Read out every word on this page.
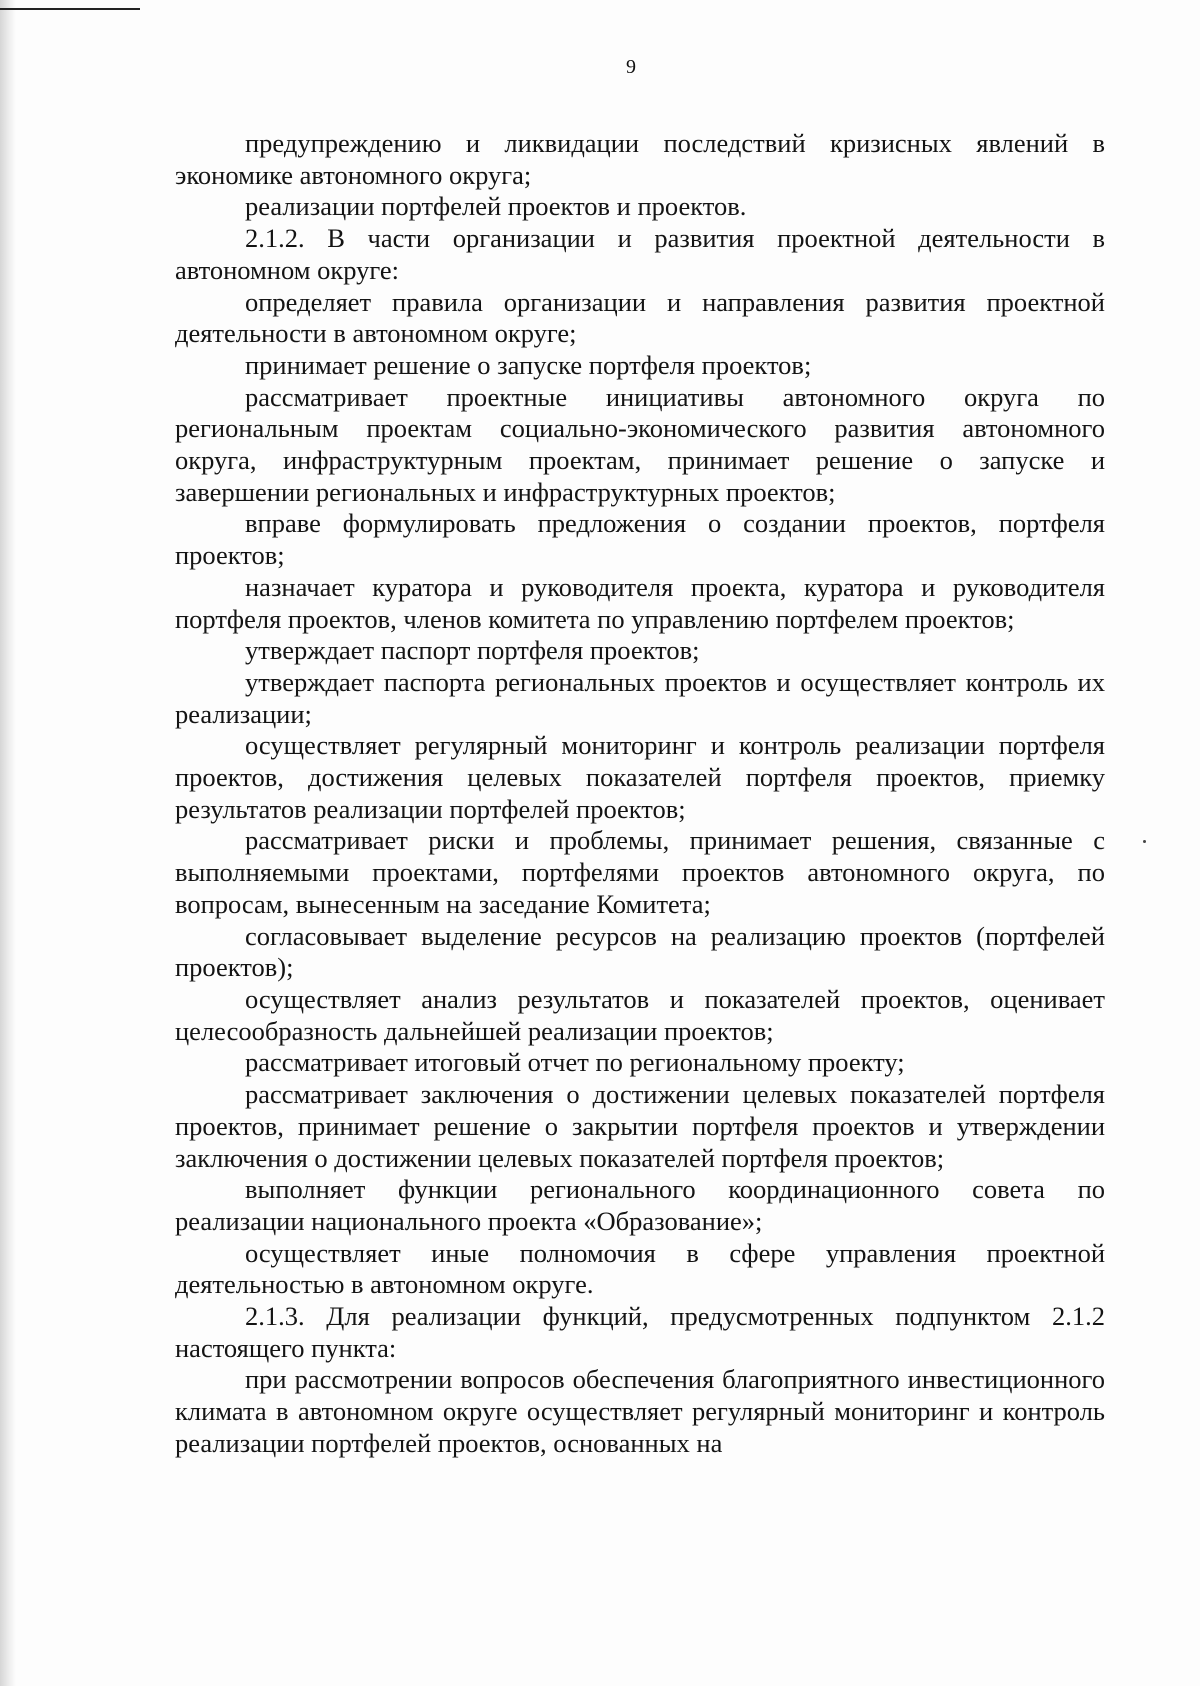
9

предупреждению и ликвидации последствий кризисных явлений в экономике автономного округа;

реализации портфелей проектов и проектов.

2.1.2. В части организации и развития проектной деятельности в автономном округе:

определяет правила организации и направления развития проектной деятельности в автономном округе;

принимает решение о запуске портфеля проектов;

рассматривает проектные инициативы автономного округа по региональным проектам социально-экономического развития автономного округа, инфраструктурным проектам, принимает решение о запуске и завершении региональных и инфраструктурных проектов;

вправе формулировать предложения о создании проектов, портфеля проектов;

назначает куратора и руководителя проекта, куратора и руководителя портфеля проектов, членов комитета по управлению портфелем проектов;

утверждает паспорт портфеля проектов;

утверждает паспорта региональных проектов и осуществляет контроль их реализации;

осуществляет регулярный мониторинг и контроль реализации портфеля проектов, достижения целевых показателей портфеля проектов, приемку результатов реализации портфелей проектов;

рассматривает риски и проблемы, принимает решения, связанные с выполняемыми проектами, портфелями проектов автономного округа, по вопросам, вынесенным на заседание Комитета;

согласовывает выделение ресурсов на реализацию проектов (портфелей проектов);

осуществляет анализ результатов и показателей проектов, оценивает целесообразность дальнейшей реализации проектов;

рассматривает итоговый отчет по региональному проекту;

рассматривает заключения о достижении целевых показателей портфеля проектов, принимает решение о закрытии портфеля проектов и утверждении заключения о достижении целевых показателей портфеля проектов;

выполняет функции регионального координационного совета по реализации национального проекта «Образование»;

осуществляет иные полномочия в сфере управления проектной деятельностью в автономном округе.

2.1.3. Для реализации функций, предусмотренных подпунктом 2.1.2 настоящего пункта:

при рассмотрении вопросов обеспечения благоприятного инвестиционного климата в автономном округе осуществляет регулярный мониторинг и контроль реализации портфелей проектов, основанных на
